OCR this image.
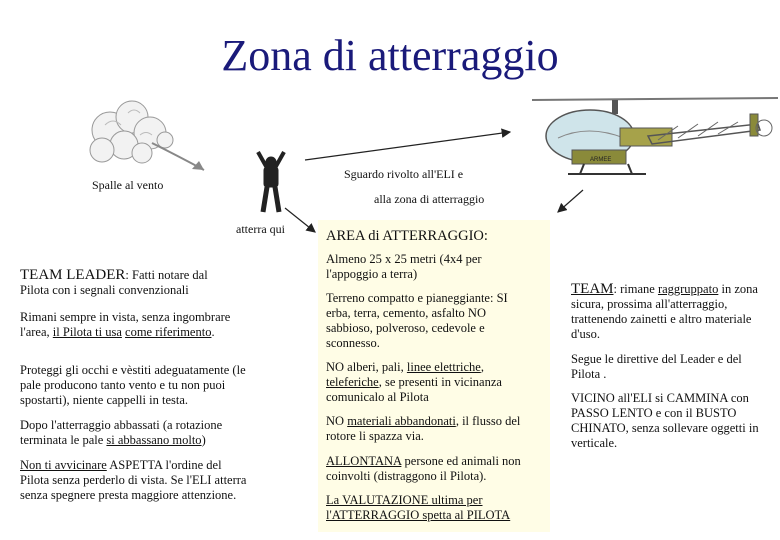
Zona di atterraggio
Spalle al vento
Sguardo rivolto all'ELI e
alla zona di atterraggio
atterra qui
ARMEE
TEAM LEADER: Fatti notare dal
Pilota con i segnali convenzionali
Rimani sempre in vista, senza ingombrare l'area, il Pilota ti usa come riferimento.
Proteggi gli occhi e vèstiti adeguatamente (le pale producono tanto vento e tu non puoi spostarti), niente cappelli in testa.
Dopo l'atterraggio abbassati (a rotazione terminata le pale si abbassano molto)
Non ti avvicinare ASPETTA l'ordine del Pilota senza perderlo di vista. Se l'ELI atterra senza spegnere presta maggiore attenzione.
AREA di ATTERRAGGIO:
Almeno 25 x 25 metri (4x4 per l'appoggio a terra)
Terreno compatto e pianeggiante: SI erba, terra, cemento, asfalto NO sabbioso, polveroso, cedevole e sconnesso.
NO alberi, pali, linee elettriche, teleferiche, se presenti in vicinanza comunicalo al Pilota
NO materiali abbandonati, il flusso del rotore li spazza via.
ALLONTANA persone ed animali non coinvolti (distraggono il Pilota).
La VALUTAZIONE ultima per l'ATTERRAGGIO spetta al PILOTA
TEAM: rimane raggruppato in zona sicura, prossima all'atterraggio, trattenendo zainetti e altro materiale d'uso.
Segue le direttive del Leader e del Pilota .
VICINO all'ELI si CAMMINA con PASSO LENTO e con il BUSTO CHINATO, senza sollevare oggetti in verticale.
